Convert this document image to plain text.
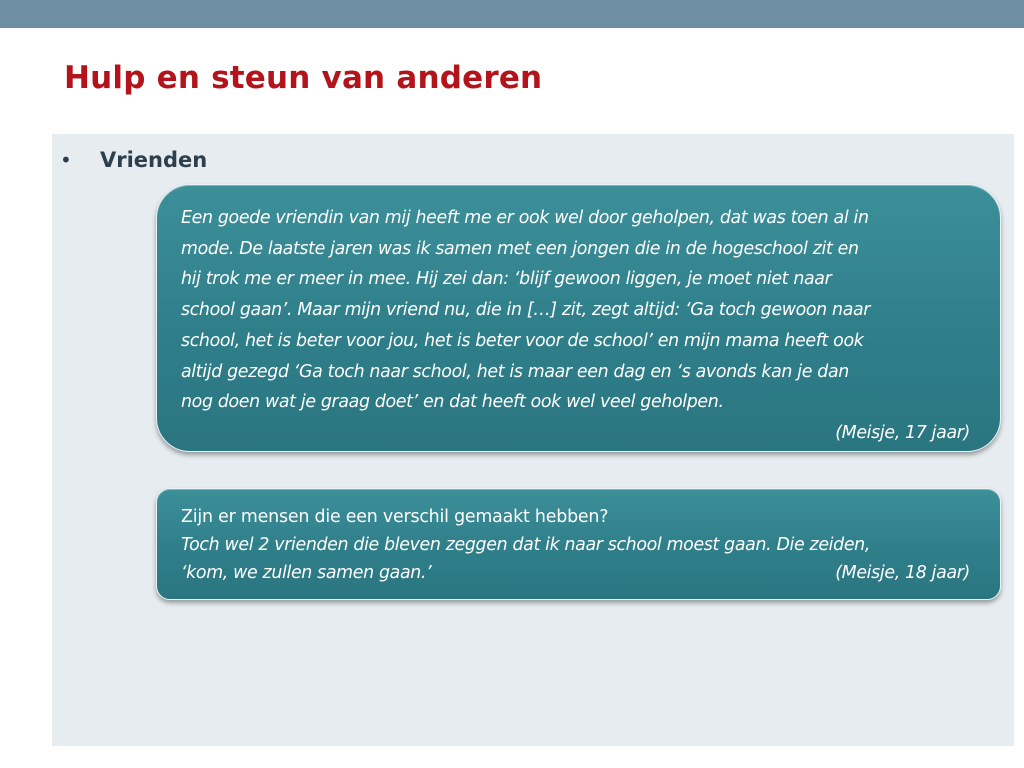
Hulp en steun van anderen
•	Vrienden
Een goede vriendin van mij heeft me er ook wel door geholpen, dat was toen al in
mode. De laatste jaren was ik samen met een jongen die in de hogeschool zit en
hij trok me er meer in mee. Hij zei dan: ‘blijf gewoon liggen, je moet niet naar
school gaan’. Maar mijn vriend nu, die in […] zit, zegt altijd: ‘Ga toch gewoon naar
school, het is beter voor jou, het is beter voor de school’ en mijn mama heeft ook
altijd gezegd ‘Ga toch naar school, het is maar een dag en ‘s avonds kan je dan
nog doen wat je graag doet’ en dat heeft ook wel veel geholpen.
(Meisje, 17 jaar)
Zijn er mensen die een verschil gemaakt hebben?
Toch wel 2 vrienden die bleven zeggen dat ik naar school moest gaan. Die zeiden,
‘kom, we zullen samen gaan.’	(Meisje, 18 jaar)
